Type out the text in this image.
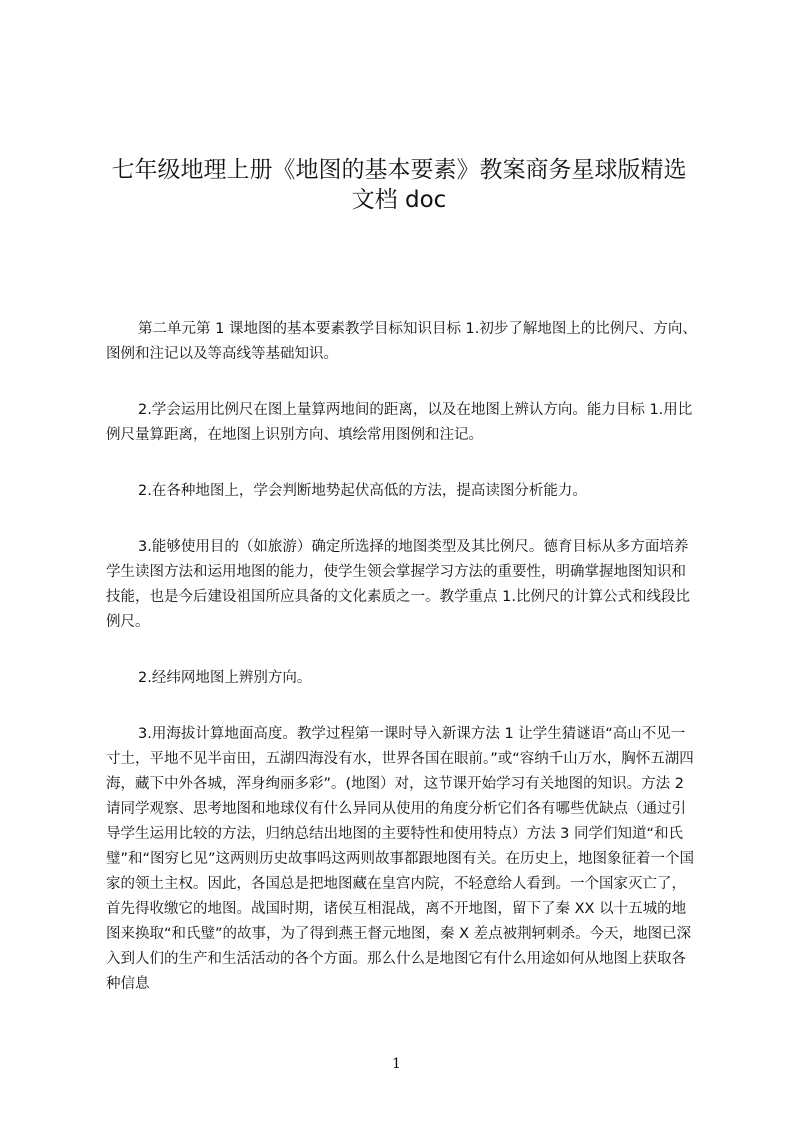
七年级地理上册《地图的基本要素》教案商务星球版精选
文档 doc

第二单元第 1 课地图的基本要素教学目标知识目标 1.初步了解地图上的比例尺、方向、图例和注记以及等高线等基础知识。

2.学会运用比例尺在图上量算两地间的距离，以及在地图上辨认方向。能力目标 1.用比例尺量算距离，在地图上识别方向、填绘常用图例和注记。

2.在各种地图上，学会判断地势起伏高低的方法，提高读图分析能力。

3.能够使用目的（如旅游）确定所选择的地图类型及其比例尺。德育目标从多方面培养学生读图方法和运用地图的能力，使学生领会掌握学习方法的重要性，明确掌握地图知识和技能，也是今后建设祖国所应具备的文化素质之一。教学重点 1.比例尺的计算公式和线段比例尺。

2.经纬网地图上辨别方向。

3.用海拔计算地面高度。教学过程第一课时导入新课方法 1 让学生猜谜语“高山不见一寸土，平地不见半亩田，五湖四海没有水，世界各国在眼前。”或“容纳千山万水，胸怀五湖四海，藏下中外各城，浑身绚丽多彩”。(地图）对，这节课开始学习有关地图的知识。方法 2 请同学观察、思考地图和地球仪有什么异同从使用的角度分析它们各有哪些优缺点（通过引导学生运用比较的方法，归纳总结出地图的主要特性和使用特点）方法 3 同学们知道“和氏璧”和“图穷匕见”这两则历史故事吗这两则故事都跟地图有关。在历史上，地图象征着一个国家的领土主权。因此，各国总是把地图藏在皇宫内院，不轻意给人看到。一个国家灭亡了，首先得收缴它的地图。战国时期，诸侯互相混战，离不开地图，留下了秦 XX 以十五城的地图来换取“和氏璧”的故事，为了得到燕王督元地图，秦 X 差点被荆轲刺杀。今天，地图已深入到人们的生产和生活活动的各个方面。那么什么是地图它有什么用途如何从地图上获取各种信息

1
